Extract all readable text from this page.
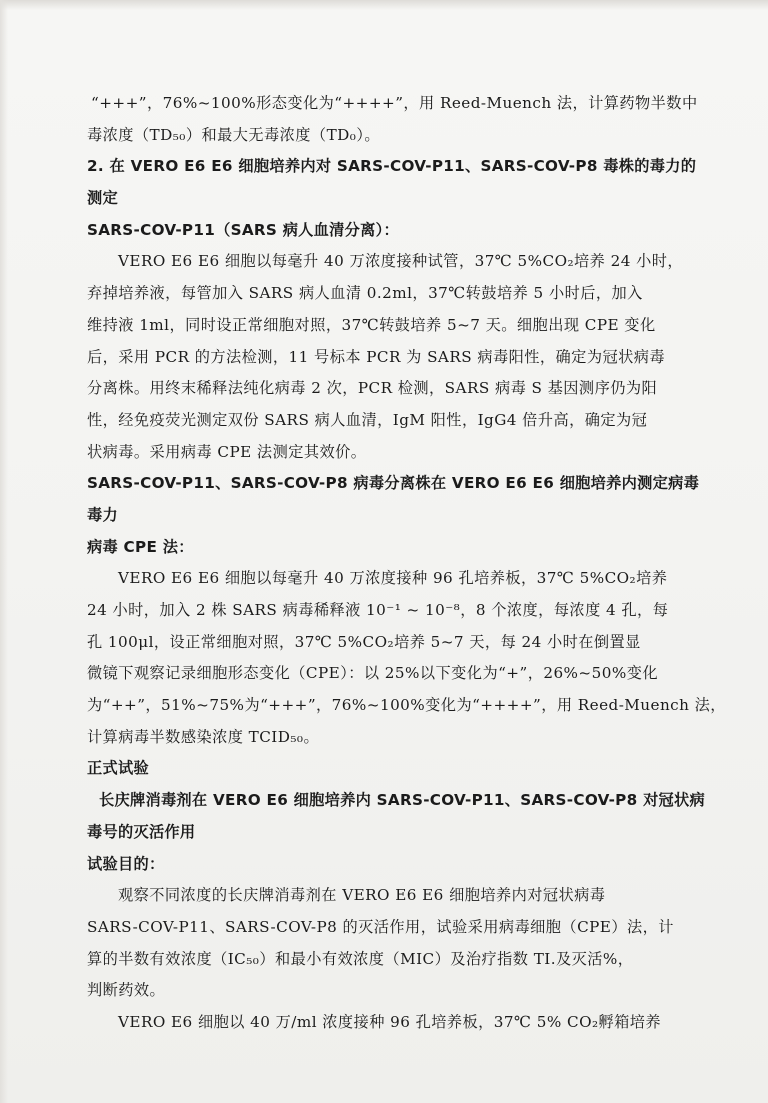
“+++”，76%~100%形态变化为“++++”，用 Reed-Muench 法，计算药物半数中
毒浓度（TD₅₀）和最大无毒浓度（TD₀）。
2. 在 VERO E6 E6 细胞培养内对 SARS-COV-P11、SARS-COV-P8 毒株的毒力的
测定
SARS-COV-P11（SARS 病人血清分离）：
VERO E6 E6 细胞以每毫升 40 万浓度接种试管，37℃ 5%CO₂培养 24 小时，
弃掉培养液，每管加入 SARS 病人血清 0.2ml，37℃转鼓培养 5 小时后，加入
维持液 1ml，同时设正常细胞对照，37℃转鼓培养 5~7 天。细胞出现 CPE 变化
后，采用 PCR 的方法检测，11 号标本 PCR 为 SARS 病毒阳性，确定为冠状病毒
分离株。用终末稀释法纯化病毒 2 次，PCR 检测，SARS 病毒 S 基因测序仍为阳
性，经免疫荧光测定双份 SARS 病人血清，IgM 阳性，IgG4 倍升高，确定为冠
状病毒。采用病毒 CPE 法测定其效价。
SARS-COV-P11、SARS-COV-P8 病毒分离株在 VERO E6 E6 细胞培养内测定病毒
毒力
病毒 CPE 法：
VERO E6 E6 细胞以每毫升 40 万浓度接种 96 孔培养板，37℃ 5%CO₂培养
24 小时，加入 2 株 SARS 病毒稀释液 10⁻¹ ~ 10⁻⁸，8 个浓度，每浓度 4 孔，每
孔 100μl，设正常细胞对照，37℃ 5%CO₂培养 5~7 天，每 24 小时在倒置显
微镜下观察记录细胞形态变化（CPE）：以 25%以下变化为“+”，26%~50%变化
为“++”，51%~75%为“+++”，76%~100%变化为“++++”，用 Reed-Muench 法，
计算病毒半数感染浓度 TCID₅₀。
正式试验
长庆牌消毒剂在 VERO E6 细胞培养内 SARS-COV-P11、SARS-COV-P8 对冠状病
毒号的灭活作用
试验目的：
观察不同浓度的长庆牌消毒剂在 VERO E6 E6 细胞培养内对冠状病毒
SARS-COV-P11、SARS-COV-P8 的灭活作用，试验采用病毒细胞（CPE）法，计
算的半数有效浓度（IC₅₀）和最小有效浓度（MIC）及治疗指数 TI.及灭活%，
判断药效。
VERO E6 细胞以 40 万/ml 浓度接种 96 孔培养板，37℃ 5% CO₂孵箱培养
